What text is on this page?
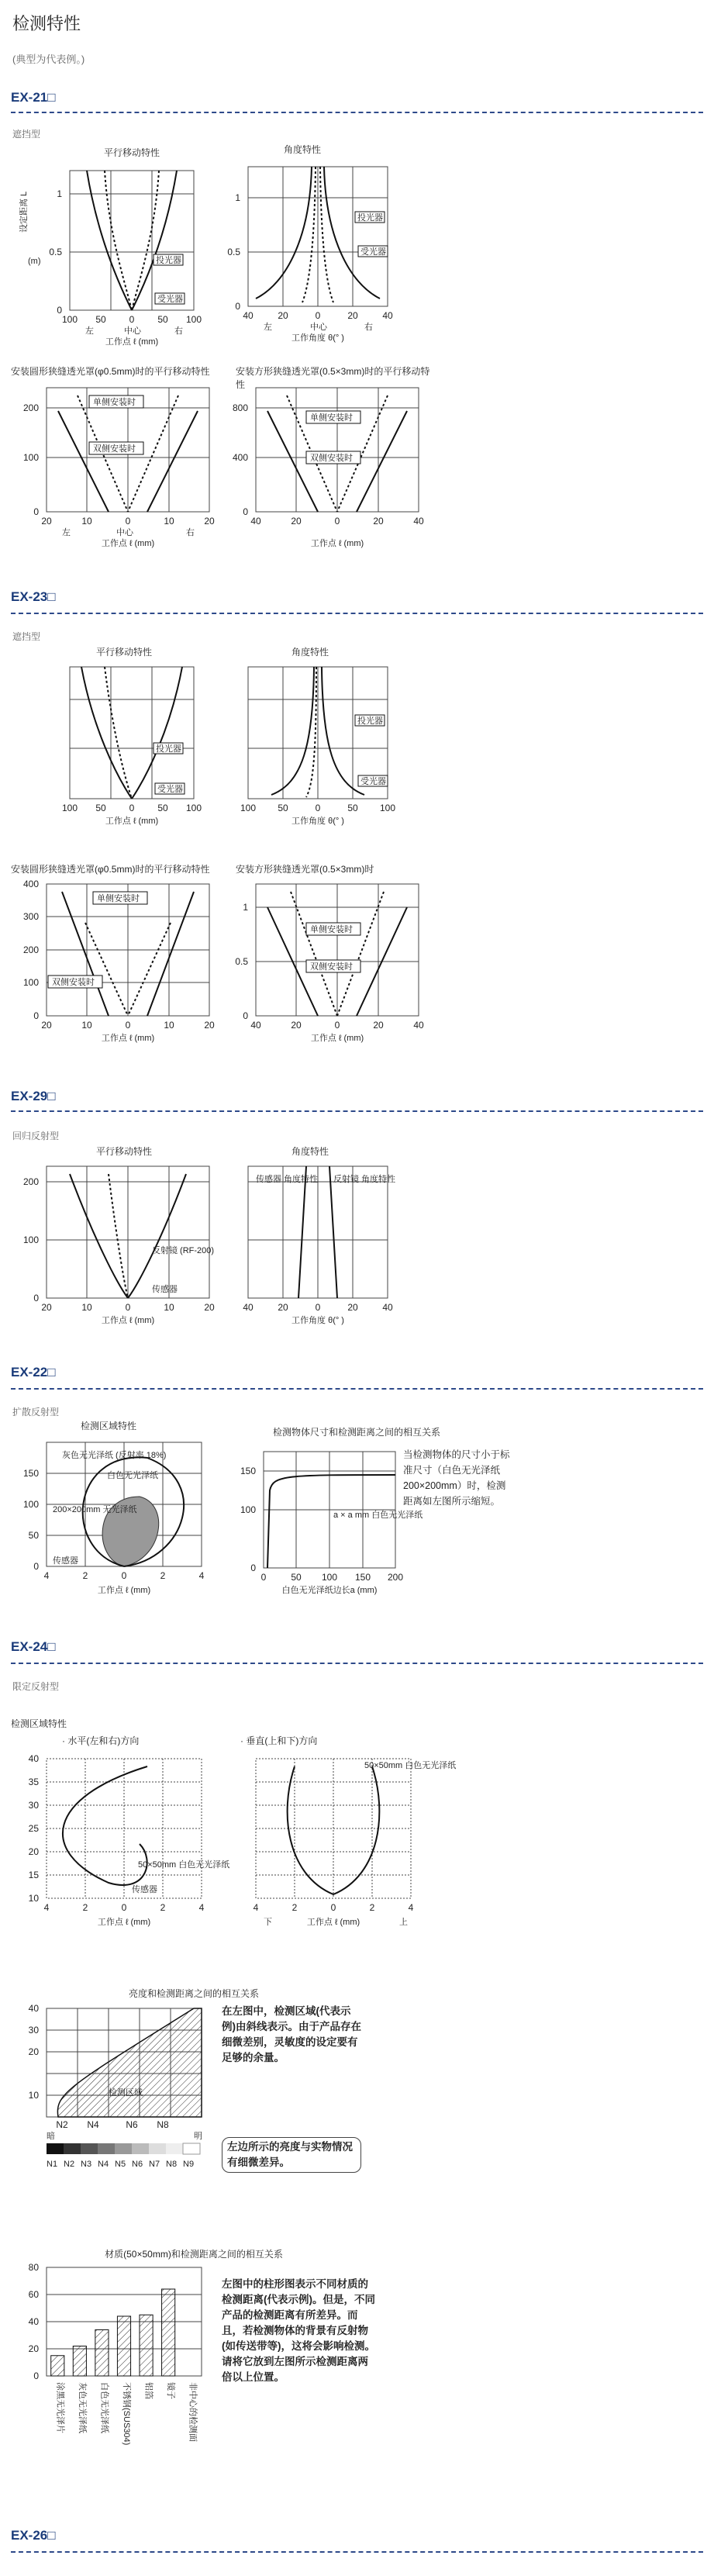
检测特性
(典型为代表例。)
EX-21□
遮挡型
平行移动特性	角度特性
1
0.5
0
100 50 0 50 100
左	中心	右
工作点 ℓ (mm)
设定距离 L
(m)	投光器
受光器
1
0.5
0
40	20	0	20	40
左	中心	右
工作角度 θ(° )
投光器
受光器
安装圆形狭缝透光罩(φ0.5mm)时的平行移动特性	安装方形狭缝透光罩(0.5×3mm)时的平行移动特性
单侧安装时
双侧安装时
200
100
0
20	10	0	10	20
左	中心	右
工作点 ℓ (mm)
单侧安装时
双侧安装时
800
400
0
40	20	0	20	40
工作点 ℓ (mm)
EX-23□
遮挡型
平行移动特性	角度特性
投光器
受光器
100 50 0 50 100
工作点 ℓ (mm)
投光器
受光器
100 50	0	50 100
工作角度 θ(° )
安装圆形狭缝透光罩(φ0.5mm)时的平行移动特性	安装方形狭缝透光罩(0.5×3mm)时
单侧安装时
双侧安装时
400
300
200
100
0
20	10	0	10	20
工作点 ℓ (mm)
单侧安装时
双侧安装时
1
0.5
0
40	20	0	20	40
工作点 ℓ (mm)
EX-29□
回归反射型
平行移动特性	角度特性
反射镜 (RF-200)
传感器
200
100
0
20	10	0	10	20
工作点 ℓ (mm)
传感器 角度特性 反射镜 角度特性
40	20	0	20	40
工作角度 θ(° )
EX-22□
扩散反射型
检测区域特性
检测物体尺寸和检测距离之间的相互关系
灰色无光泽纸 (反射率 18%)
白色无光泽纸
200×200mm 无光泽纸
传感器
150
100
50
0
4	2	0	2	4
工作点 ℓ (mm)
a × a mm 白色无光泽纸
150
100
0
0	50 100 150 200
白色无光泽纸边长a (mm)
当检测物体的尺寸小于标准尺寸（白色无光泽纸200×200mm）时，检测距离如左图所示缩短。
EX-24□
限定反射型
检测区域特性
· 水平(左和右)方向	· 垂直(上和下)方向
50×50mm 白色无光泽纸
传感器
40
35
30
25
20
15
10
4	2	0	2	4
工作点 ℓ (mm)
50×50mm 白色无光泽纸
4	2	0	2	4
下	上
工作点 ℓ (mm)
亮度和检测距离之间的相互关系
检测区域
40
30
20
10
N2 N4	N6 N8
暗	明
N1 N2 N3 N4 N5 N6 N7 N8 N9
在左图中，检测区域(代表示例)由斜线表示。由于产品存在细微差别，灵敏度的设定要有足够的余量。
左边所示的亮度与实物情况有细微差异。
材质(50×50mm)和检测距离之间的相互关系
80
60
40
20
0
涂黑无光泽片 灰色无光泽纸 白色无光泽纸 不锈钢(SUS304) 铝箔 镜子 非中心的检测面
左图中的柱形图表示不同材质的检测距离(代表示例)。但是，不同产品的检测距离有所差异。而且，若检测物体的背景有反射物(如传送带等)，这将会影响检测。请将它放到左图所示检测距离两倍以上位置。
EX-26□
